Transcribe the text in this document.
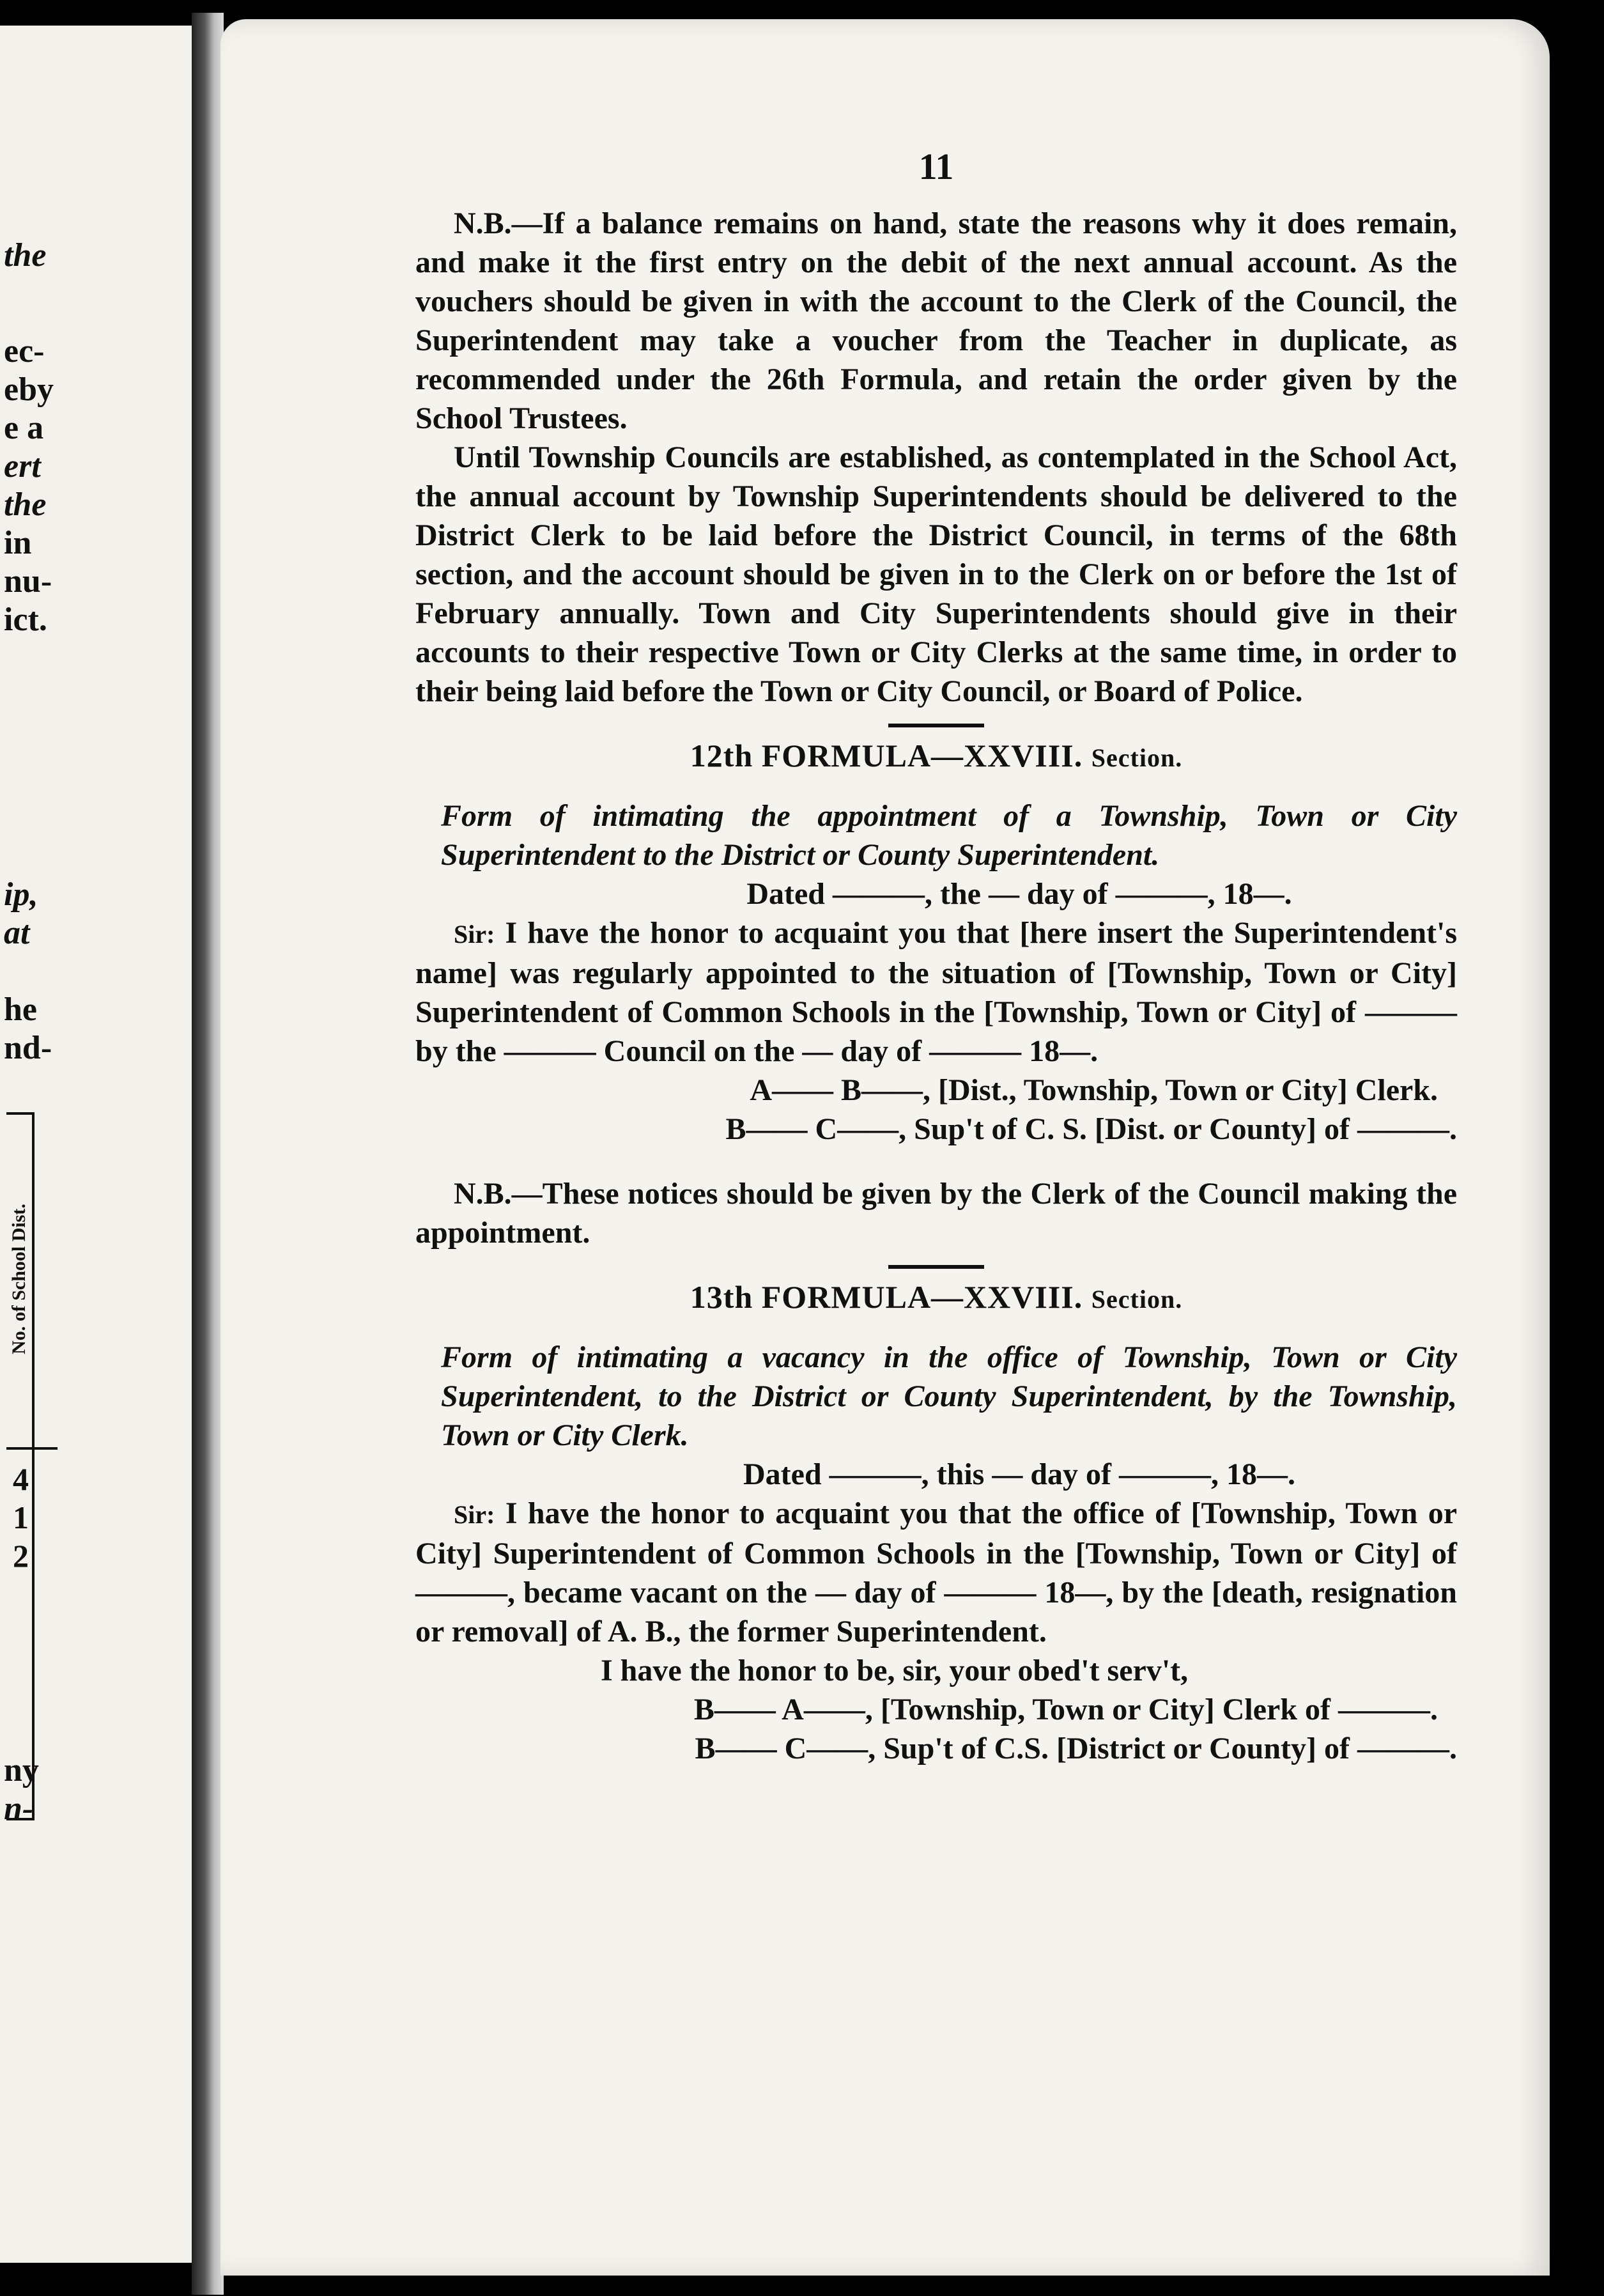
the
ec-
eby
e a
ert
the
in
nu-
ict.
ip,
at
he
nd-
No. of School Dist.
4
1
2
ny
n-
11

N.B.—If a balance remains on hand, state the reasons why it does remain, and make it the first entry on the debit of the next annual account. As the vouchers should be given in with the account to the Clerk of the Council, the Superintendent may take a voucher from the Teacher in duplicate, as recommended under the 26th Formula, and retain the order given by the School Trustees.

Until Township Councils are established, as contemplated in the School Act, the annual account by Township Superintendents should be delivered to the District Clerk to be laid before the District Council, in terms of the 68th section, and the account should be given in to the Clerk on or before the 1st of February annually. Town and City Superintendents should give in their accounts to their respective Town or City Clerks at the same time, in order to their being laid before the Town or City Council, or Board of Police.

12th FORMULA—XXVIII. Section.

Form of intimating the appointment of a Township, Town or City Superintendent to the District or County Superintendent.

Dated ———, the — day of ———, 18—.

Sir: I have the honor to acquaint you that [here insert the Superintendent's name] was regularly appointed to the situation of [Township, Town or City] Superintendent of Common Schools in the [Township, Town or City] of ——— by the ——— Council on the — day of ——— 18—.

A—— B——, [Dist., Township, Town or City] Clerk.

B—— C——, Sup't of C. S. [Dist. or County] of ———.

N.B.—These notices should be given by the Clerk of the Council making the appointment.

13th FORMULA—XXVIII. Section.

Form of intimating a vacancy in the office of Township, Town or City Superintendent, to the District or County Superintendent, by the Township, Town or City Clerk.

Dated ———, this — day of ———, 18—.

Sir: I have the honor to acquaint you that the office of [Township, Town or City] Superintendent of Common Schools in the [Township, Town or City] of ———, became vacant on the — day of ——— 18—, by the [death, resignation or removal] of A. B., the former Superintendent.

I have the honor to be, sir, your obed't serv't,

B—— A——, [Township, Town or City] Clerk of ———.

B—— C——, Sup't of C.S. [District or County] of ———.
